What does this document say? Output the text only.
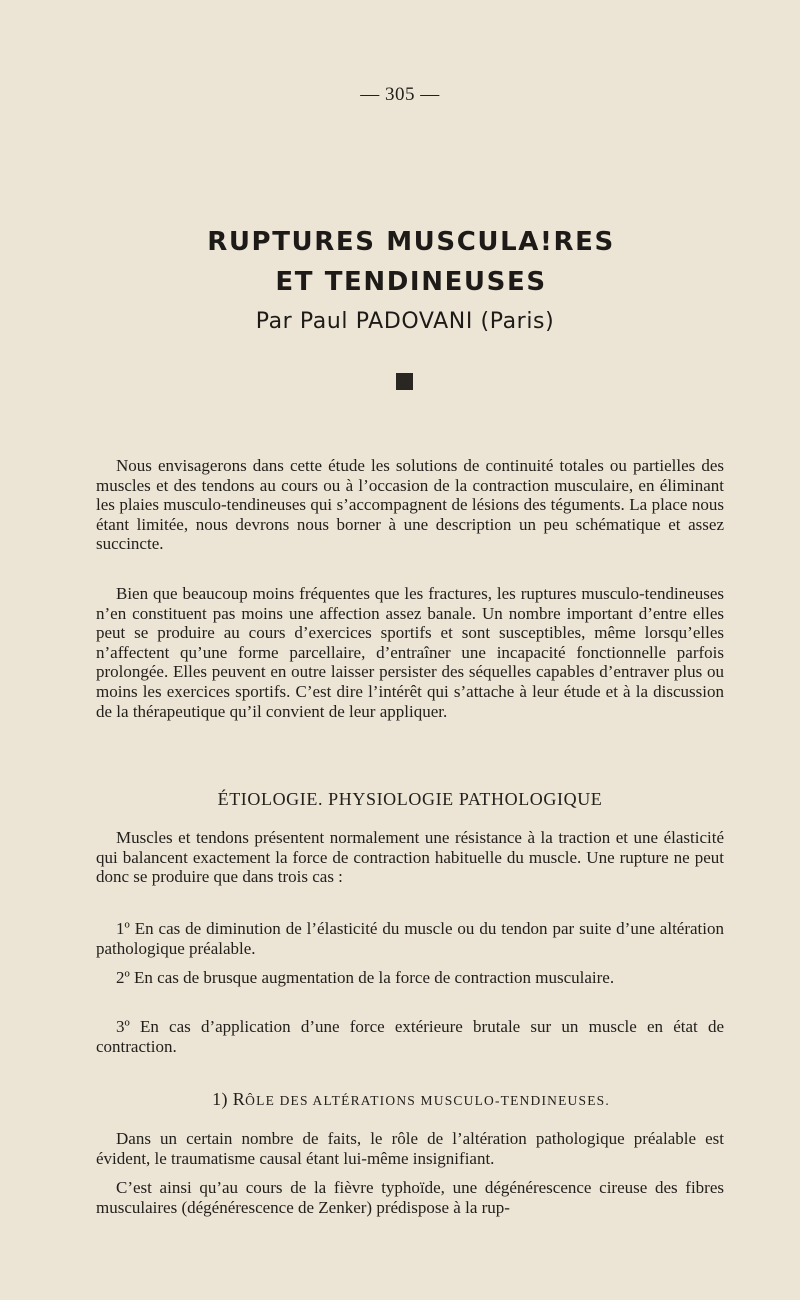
— 305 —
RUPTURES MUSCULA!RES
ET TENDINEUSES
Par Paul PADOVANI (Paris)

Nous envisagerons dans cette étude les solutions de continuité totales ou partielles des muscles et des tendons au cours ou à l’occasion de la contraction musculaire, en éliminant les plaies musculo-tendineuses qui s’accompagnent de lésions des téguments. La place nous étant limitée, nous devrons nous borner à une description un peu schématique et assez succincte.

Bien que beaucoup moins fréquentes que les fractures, les ruptures musculo-tendineuses n’en constituent pas moins une affection assez banale. Un nombre important d’entre elles peut se produire au cours d’exercices sportifs et sont susceptibles, même lorsqu’elles n’affectent qu’une forme parcellaire, d’entraîner une incapacité fonctionnelle parfois prolongée. Elles peuvent en outre laisser persister des séquelles capables d’entraver plus ou moins les exercices sportifs. C’est dire l’intérêt qui s’attache à leur étude et à la discussion de la thérapeutique qu’il convient de leur appliquer.

ÉTIOLOGIE. PHYSIOLOGIE PATHOLOGIQUE

Muscles et tendons présentent normalement une résistance à la traction et une élasticité qui balancent exactement la force de contraction habituelle du muscle. Une rupture ne peut donc se produire que dans trois cas :

1º En cas de diminution de l’élasticité du muscle ou du tendon par suite d’une altération pathologique préalable.

2º En cas de brusque augmentation de la force de contraction musculaire.

3º En cas d’application d’une force extérieure brutale sur un muscle en état de contraction.

1) RÔLE DES ALTÉRATIONS MUSCULO-TENDINEUSES.

Dans un certain nombre de faits, le rôle de l’altération pathologique préalable est évident, le traumatisme causal étant lui-même insignifiant.

C’est ainsi qu’au cours de la fièvre typhoïde, une dégénérescence cireuse des fibres musculaires (dégénérescence de Zenker) prédispose à la rup-
